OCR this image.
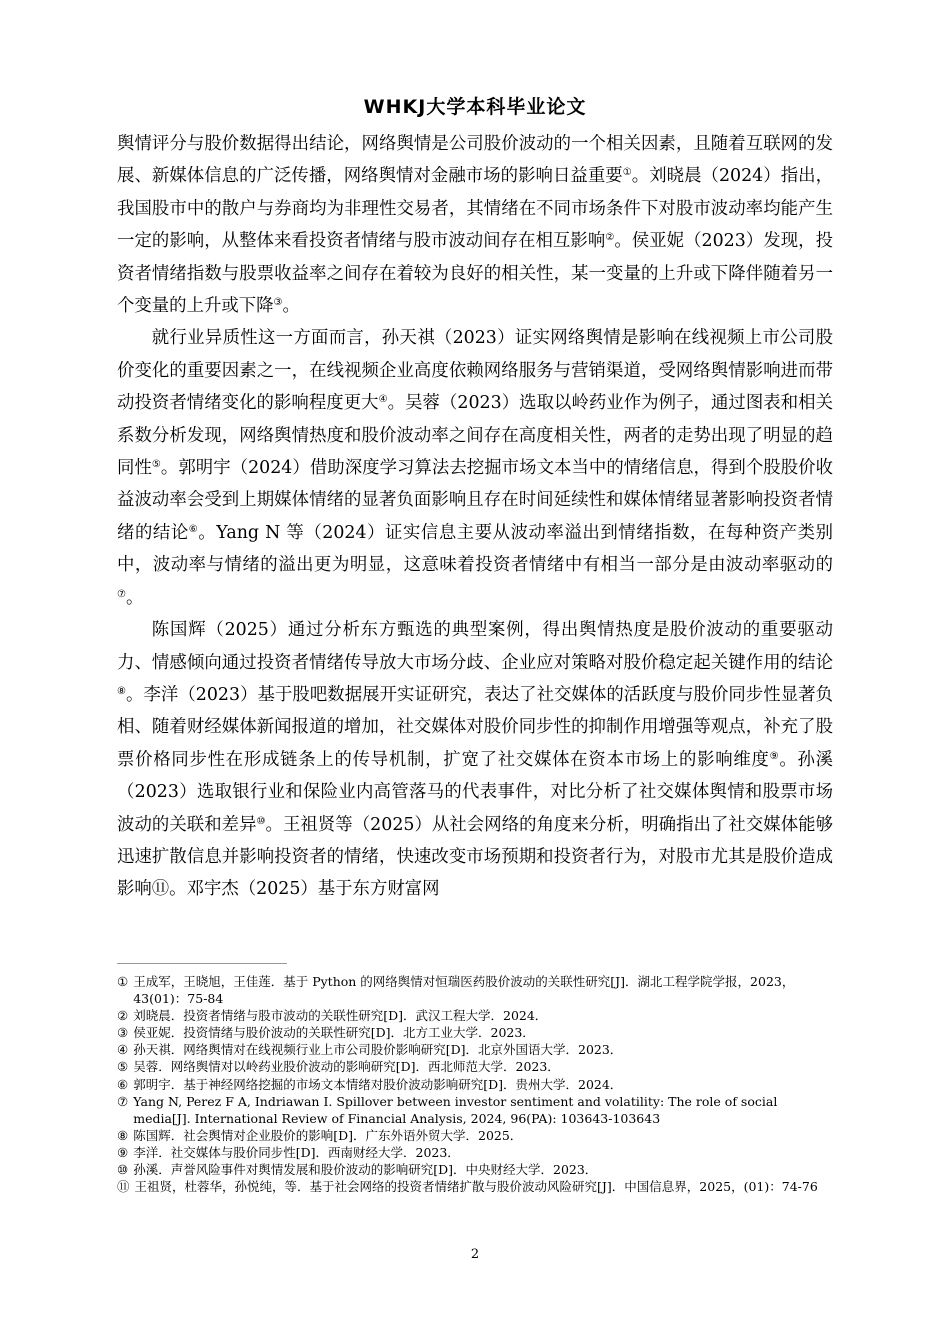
WHKJ大学本科毕业论文

舆情评分与股价数据得出结论，网络舆情是公司股价波动的一个相关因素，且随着互联网的发展、新媒体信息的广泛传播，网络舆情对金融市场的影响日益重要①。刘晓晨（2024）指出，我国股市中的散户与券商均为非理性交易者，其情绪在不同市场条件下对股市波动率均能产生一定的影响，从整体来看投资者情绪与股市波动间存在相互影响②。侯亚妮（2023）发现，投资者情绪指数与股票收益率之间存在着较为良好的相关性，某一变量的上升或下降伴随着另一个变量的上升或下降③。

就行业异质性这一方面而言，孙天祺（2023）证实网络舆情是影响在线视频上市公司股价变化的重要因素之一，在线视频企业高度依赖网络服务与营销渠道，受网络舆情影响进而带动投资者情绪变化的影响程度更大④。吴蓉（2023）选取以岭药业作为例子，通过图表和相关系数分析发现，网络舆情热度和股价波动率之间存在高度相关性，两者的走势出现了明显的趋同性⑤。郭明宇（2024）借助深度学习算法去挖掘市场文本当中的情绪信息，得到个股股价收益波动率会受到上期媒体情绪的显著负面影响且存在时间延续性和媒体情绪显著影响投资者情绪的结论⑥。Yang N 等（2024）证实信息主要从波动率溢出到情绪指数，在每种资产类别中，波动率与情绪的溢出更为明显，这意味着投资者情绪中有相当一部分是由波动率驱动的⑦。

陈国辉（2025）通过分析东方甄选的典型案例，得出舆情热度是股价波动的重要驱动力、情感倾向通过投资者情绪传导放大市场分歧、企业应对策略对股价稳定起关键作用的结论⑧。李洋（2023）基于股吧数据展开实证研究，表达了社交媒体的活跃度与股价同步性显著负相、随着财经媒体新闻报道的增加，社交媒体对股价同步性的抑制作用增强等观点，补充了股票价格同步性在形成链条上的传导机制，扩宽了社交媒体在资本市场上的影响维度⑨。孙溪（2023）选取银行业和保险业内高管落马的代表事件，对比分析了社交媒体舆情和股票市场波动的关联和差异⑩。王祖贤等（2025）从社会网络的角度来分析，明确指出了社交媒体能够迅速扩散信息并影响投资者的情绪，快速改变市场预期和投资者行为，对股市尤其是股价造成影响⑪。邓宇杰（2025）基于东方财富网

① 王成军，王晓旭，王佳莲．基于 Python 的网络舆情对恒瑞医药股价波动的关联性研究[J]．湖北工程学院学报，2023，43(01)：75-84
② 刘晓晨．投资者情绪与股市波动的关联性研究[D]．武汉工程大学．2024．
③ 侯亚妮．投资情绪与股价波动的关联性研究[D]．北方工业大学．2023．
④ 孙天祺．网络舆情对在线视频行业上市公司股价影响研究[D]．北京外国语大学．2023．
⑤ 吴蓉．网络舆情对以岭药业股价波动的影响研究[D]．西北师范大学．2023．
⑥ 郭明宇．基于神经网络挖掘的市场文本情绪对股价波动影响研究[D]．贵州大学．2024．
⑦ Yang N, Perez F A, Indriawan I. Spillover between investor sentiment and volatility: The role of social media[J]. International Review of Financial Analysis, 2024, 96(PA): 103643-103643
⑧ 陈国辉．社会舆情对企业股价的影响[D]．广东外语外贸大学．2025．
⑨ 李洋．社交媒体与股价同步性[D]．西南财经大学．2023．
⑩ 孙溪．声誉风险事件对舆情发展和股价波动的影响研究[D]．中央财经大学．2023．
⑪ 王祖贤，杜蓉华，孙悦纯，等．基于社会网络的投资者情绪扩散与股价波动风险研究[J]．中国信息界，2025，(01)：74-76
2
